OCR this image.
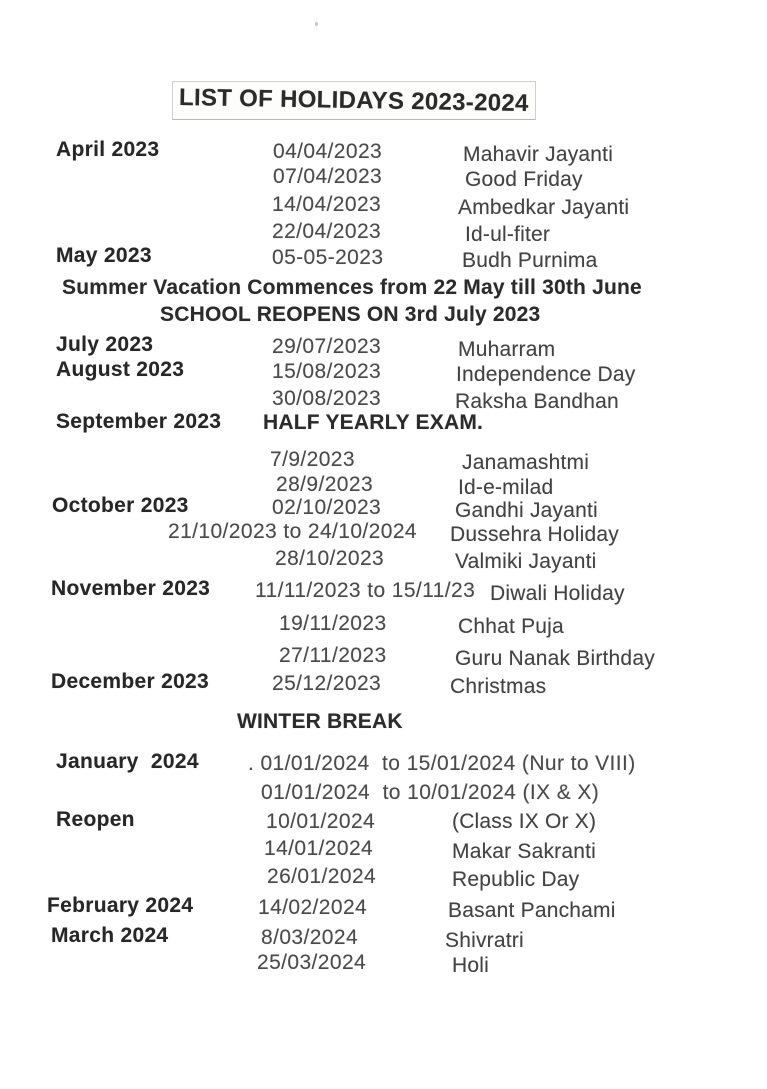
LIST OF HOLIDAYS 2023-2024
April 2023	04/04/2023	Mahavir Jayanti
07/04/2023	Good Friday
14/04/2023	Ambedkar Jayanti
22/04/2023	Id-ul-fiter
May 2023	05-05-2023	Budh Purnima
Summer Vacation Commences from 22 May till 30th June
SCHOOL REOPENS ON 3rd July 2023
July 2023	29/07/2023	Muharram
August 2023	15/08/2023	Independence Day
30/08/2023	Raksha Bandhan
September 2023 HALF YEARLY EXAM.
7/9/2023	Janamashtmi
28/9/2023	Id-e-milad
October 2023	02/10/2023	Gandhi Jayanti
21/10/2023 to 24/10/2024 Dussehra Holiday
28/10/2023	Valmiki Jayanti
November 2023 11/11/2023 to 15/11/23 Diwali Holiday
19/11/2023	Chhat Puja
27/11/2023	Guru Nanak Birthday
December 2023	25/12/2023	Christmas
WINTER BREAK
January  2024 . 01/01/2024  to 15/01/2024 (Nur to VIII)
01/01/2024  to 10/01/2024 (IX & X)
Reopen	10/01/2024	(Class IX Or X)
14/01/2024	Makar Sakranti
26/01/2024	Republic Day
February 2024	14/02/2024	Basant Panchami
March 2024	8/03/2024	Shivratri
25/03/2024	Holi
